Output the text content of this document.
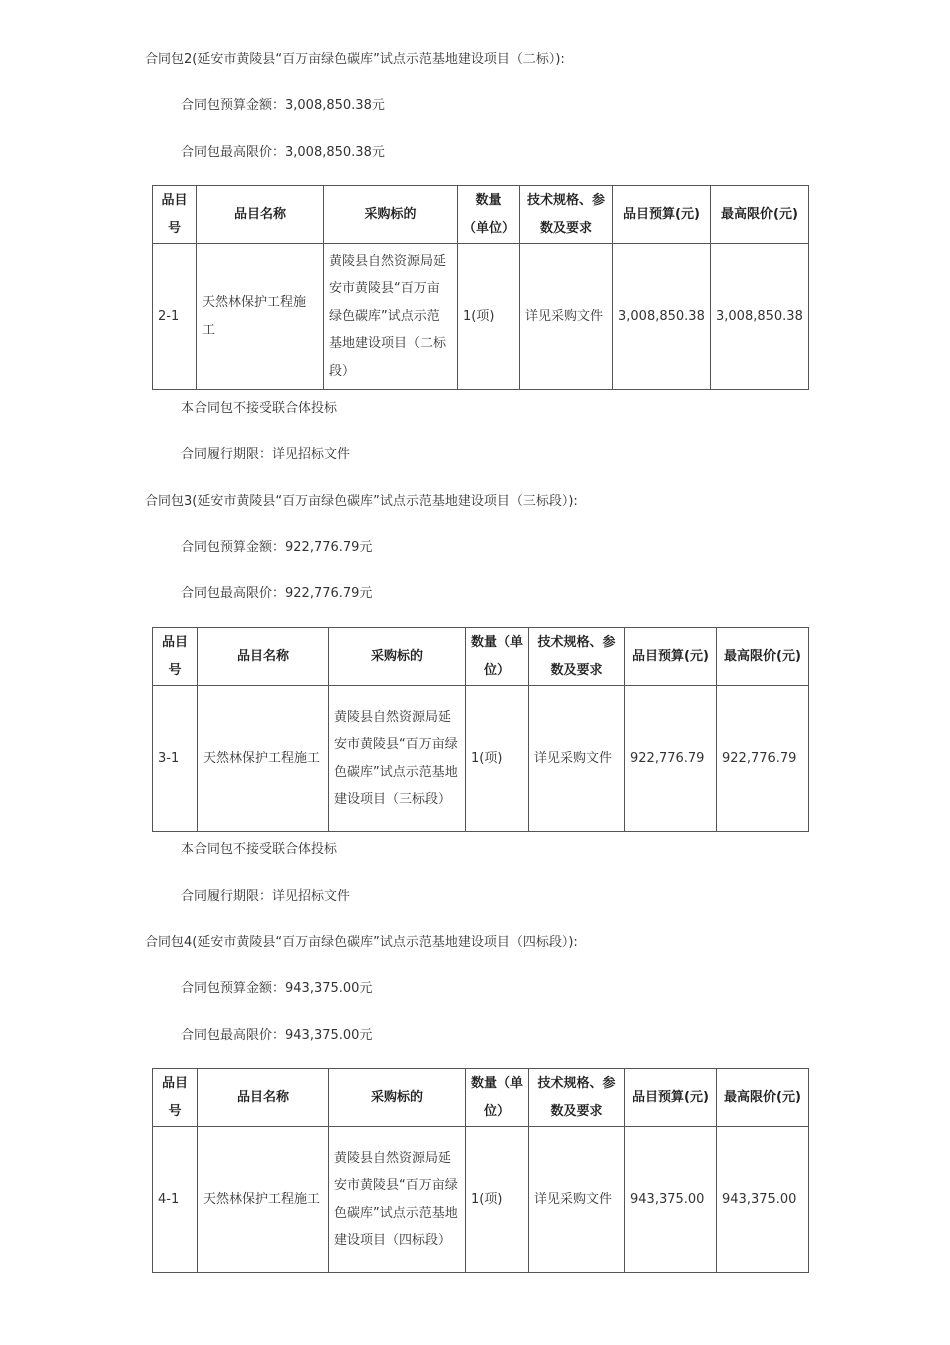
合同包2(延安市黄陵县“百万亩绿色碳库”试点示范基地建设项目（二标）):
合同包预算金额：3,008,850.38元
合同包最高限价：3,008,850.38元
品目号	品目名称	采购标的	数量（单位）	技术规格、参数及要求	品目预算(元)	最高限价(元)
2-1	天然林保护工程施工	黄陵县自然资源局延安市黄陵县“百万亩绿色碳库”试点示范基地建设项目（二标段）	1(项)	详见采购文件	3,008,850.38	3,008,850.38
本合同包不接受联合体投标
合同履行期限：详见招标文件
合同包3(延安市黄陵县“百万亩绿色碳库”试点示范基地建设项目（三标段）):
合同包预算金额：922,776.79元
合同包最高限价：922,776.79元
品目号	品目名称	采购标的	数量（单位）	技术规格、参数及要求	品目预算(元)	最高限价(元)
3-1	天然林保护工程施工	黄陵县自然资源局延安市黄陵县“百万亩绿色碳库”试点示范基地建设项目（三标段）	1(项)	详见采购文件	922,776.79	922,776.79
本合同包不接受联合体投标
合同履行期限：详见招标文件
合同包4(延安市黄陵县“百万亩绿色碳库”试点示范基地建设项目（四标段）):
合同包预算金额：943,375.00元
合同包最高限价：943,375.00元
品目号	品目名称	采购标的	数量（单位）	技术规格、参数及要求	品目预算(元)	最高限价(元)
4-1	天然林保护工程施工	黄陵县自然资源局延安市黄陵县“百万亩绿色碳库”试点示范基地建设项目（四标段）	1(项)	详见采购文件	943,375.00	943,375.00
